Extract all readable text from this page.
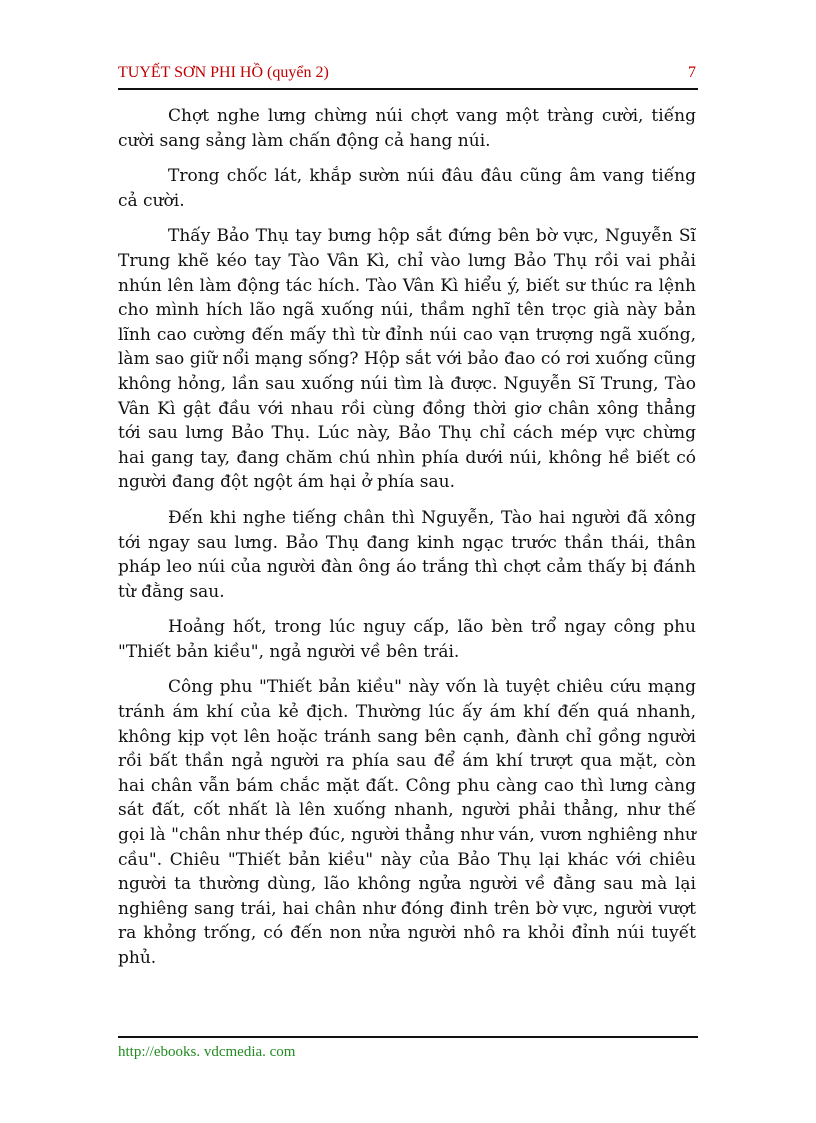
TUYẾT SƠN PHI HỒ (quyển 2)	7

Chợt nghe lưng chừng núi chợt vang một tràng cười, tiếng cười sang sảng làm chấn động cả hang núi.

Trong chốc lát, khắp sườn núi đâu đâu cũng âm vang tiếng cả cười.

Thấy Bảo Thụ tay bưng hộp sắt đứng bên bờ vực, Nguyễn Sĩ Trung khẽ kéo tay Tào Vân Kì, chỉ vào lưng Bảo Thụ rồi vai phải nhún lên làm động tác hích. Tào Vân Kì hiểu ý, biết sư thúc ra lệnh cho mình hích lão ngã xuống núi, thầm nghĩ tên trọc già này bản lĩnh cao cường đến mấy thì từ đỉnh núi cao vạn trượng ngã xuống, làm sao giữ nổi mạng sống? Hộp sắt với bảo đao có rơi xuống cũng không hỏng, lần sau xuống núi tìm là được. Nguyễn Sĩ Trung, Tào Vân Kì gật đầu với nhau rồi cùng đồng thời giơ chân xông thẳng tới sau lưng Bảo Thụ. Lúc này, Bảo Thụ chỉ cách mép vực chừng hai gang tay, đang chăm chú nhìn phía dưới núi, không hề biết có người đang đột ngột ám hại ở phía sau.

Đến khi nghe tiếng chân thì Nguyễn, Tào hai người đã xông tới ngay sau lưng. Bảo Thụ đang kinh ngạc trước thần thái, thân pháp leo núi của người đàn ông áo trắng thì chợt cảm thấy bị đánh từ đằng sau.

Hoảng hốt, trong lúc nguy cấp, lão bèn trổ ngay công phu "Thiết bản kiều", ngả người về bên trái.

Công phu "Thiết bản kiều" này vốn là tuyệt chiêu cứu mạng tránh ám khí của kẻ địch. Thường lúc ấy ám khí đến quá nhanh, không kịp vọt lên hoặc tránh sang bên cạnh, đành chỉ gồng người rồi bất thần ngả người ra phía sau để ám khí trượt qua mặt, còn hai chân vẫn bám chắc mặt đất. Công phu càng cao thì lưng càng sát đất, cốt nhất là lên xuống nhanh, người phải thẳng, như thế gọi là "chân như thép đúc, người thẳng như ván, vươn nghiêng như cầu". Chiêu "Thiết bản kiều" này của Bảo Thụ lại khác với chiêu người ta thường dùng, lão không ngửa người về đằng sau mà lại nghiêng sang trái, hai chân như đóng đinh trên bờ vực, người vượt ra khỏng trống, có đến non nửa người nhô ra khỏi đỉnh núi tuyết phủ.

http://ebooks. vdcmedia. com
